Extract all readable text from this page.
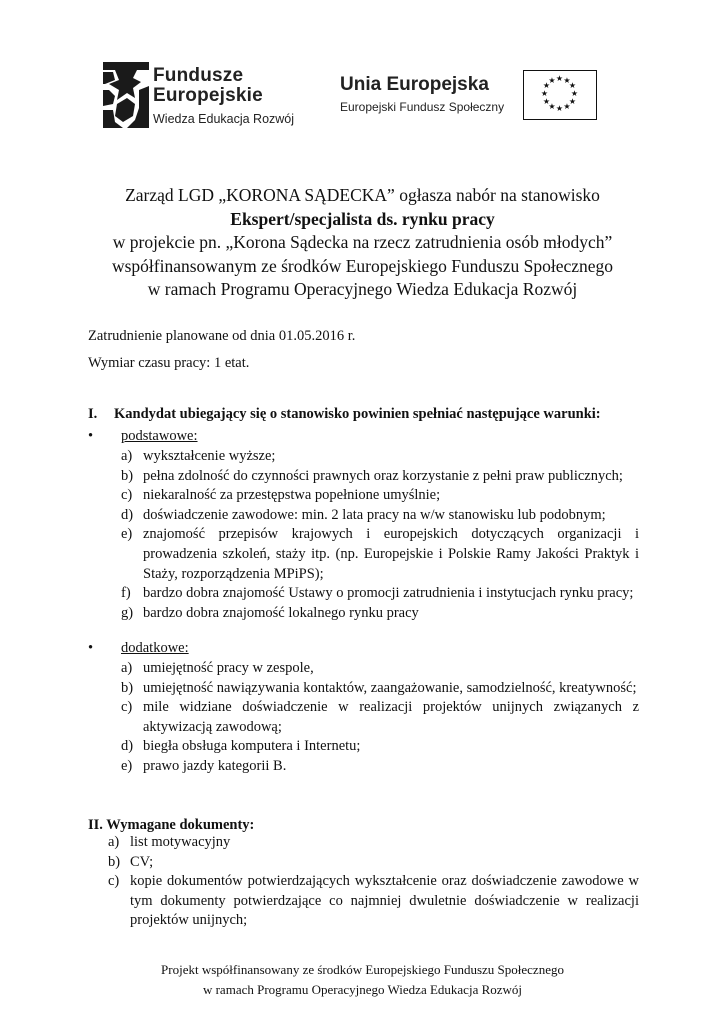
Fundusze
Europejskie
Wiedza Edukacja Rozwój
Unia Europejska
Europejski Fundusz Społeczny
★ ★
★
★
★
★
★
★
★
★
★
★
Zarząd LGD „KORONA SĄDECKA” ogłasza nabór na stanowisko
Ekspert/specjalista ds. rynku pracy
w projekcie pn. „Korona Sądecka na rzecz zatrudnienia osób młodych”
współfinansowanym ze środków Europejskiego Funduszu Społecznego
w ramach Programu Operacyjnego Wiedza Edukacja Rozwój
Zatrudnienie planowane od dnia 01.05.2016 r.
Wymiar czasu pracy: 1 etat.
I. Kandydat ubiegający się o stanowisko powinien spełniać następujące warunki:
• podstawowe:
a) wykształcenie wyższe;
b) pełna zdolność do czynności prawnych oraz korzystanie z pełni praw publicznych;
c) niekaralność za przestępstwa popełnione umyślnie;
d) doświadczenie zawodowe: min. 2 lata pracy na w/w stanowisku lub podobnym;
e) znajomość przepisów krajowych i europejskich dotyczących organizacji i prowadzenia szkoleń, staży itp. (np. Europejskie i Polskie Ramy Jakości Praktyk i Staży, rozporządzenia MPiPS);
f) bardzo dobra znajomość Ustawy o promocji zatrudnienia i instytucjach rynku pracy;
g) bardzo dobra znajomość lokalnego rynku pracy
• dodatkowe:
a) umiejętność pracy w zespole,
b) umiejętność nawiązywania kontaktów, zaangażowanie, samodzielność, kreatywność;
c) mile widziane doświadczenie w realizacji projektów unijnych związanych z aktywizacją zawodową;
d) biegła obsługa komputera i Internetu;
e) prawo jazdy kategorii B.
II. Wymagane dokumenty:
a) list motywacyjny
b) CV;
c) kopie dokumentów potwierdzających wykształcenie oraz doświadczenie zawodowe w tym dokumenty potwierdzające co najmniej dwuletnie doświadczenie w realizacji projektów unijnych;
Projekt współfinansowany ze środków Europejskiego Funduszu Społecznego
w ramach Programu Operacyjnego Wiedza Edukacja Rozwój
